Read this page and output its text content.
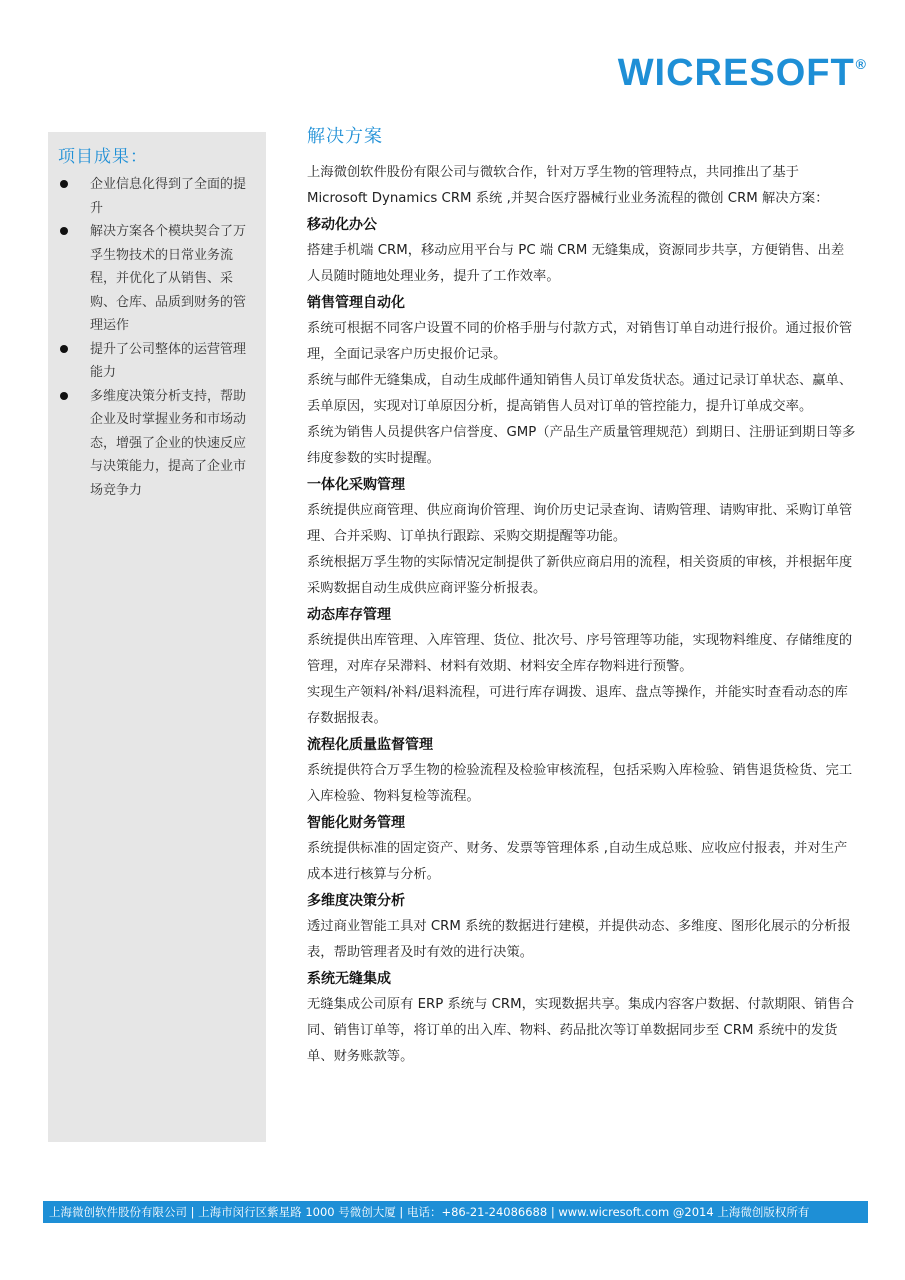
WICRESOFT®
项目成果：
企业信息化得到了全面的提升
解决方案各个模块契合了万孚生物技术的日常业务流程，并优化了从销售、采购、仓库、品质到财务的管理运作
提升了公司整体的运营管理能力
多维度决策分析支持，帮助企业及时掌握业务和市场动态，增强了企业的快速反应与决策能力，提高了企业市场竞争力
解决方案

上海微创软件股份有限公司与微软合作，针对万孚生物的管理特点，共同推出了基于 Microsoft Dynamics CRM 系统 ,并契合医疗器械行业业务流程的微创 CRM 解决方案：

移动化办公

搭建手机端 CRM，移动应用平台与 PC 端 CRM 无缝集成，资源同步共享，方便销售、出差人员随时随地处理业务，提升了工作效率。

销售管理自动化

系统可根据不同客户设置不同的价格手册与付款方式，对销售订单自动进行报价。通过报价管理，全面记录客户历史报价记录。

系统与邮件无缝集成，自动生成邮件通知销售人员订单发货状态。通过记录订单状态、赢单、丢单原因，实现对订单原因分析，提高销售人员对订单的管控能力，提升订单成交率。

系统为销售人员提供客户信誉度、GMP（产品生产质量管理规范）到期日、注册证到期日等多纬度参数的实时提醒。

一体化采购管理

系统提供应商管理、供应商询价管理、询价历史记录查询、请购管理、请购审批、采购订单管理、合并采购、订单执行跟踪、采购交期提醒等功能。

系统根据万孚生物的实际情况定制提供了新供应商启用的流程，相关资质的审核，并根据年度采购数据自动生成供应商评鉴分析报表。

动态库存管理

系统提供出库管理、入库管理、货位、批次号、序号管理等功能，实现物料维度、存储维度的管理，对库存呆滞料、材料有效期、材料安全库存物料进行预警。

实现生产领料/补料/退料流程，可进行库存调拨、退库、盘点等操作，并能实时查看动态的库存数据报表。

流程化质量监督管理

系统提供符合万孚生物的检验流程及检验审核流程，包括采购入库检验、销售退货检货、完工入库检验、物料复检等流程。

智能化财务管理

系统提供标准的固定资产、财务、发票等管理体系 ,自动生成总账、应收应付报表，并对生产成本进行核算与分析。

多维度决策分析

透过商业智能工具对 CRM 系统的数据进行建模，并提供动态、多维度、图形化展示的分析报表，帮助管理者及时有效的进行决策。

系统无缝集成

无缝集成公司原有 ERP 系统与 CRM，实现数据共享。集成内容客户数据、付款期限、销售合同、销售订单等，将订单的出入库、物料、药品批次等订单数据同步至 CRM 系统中的发货单、财务账款等。

上海微创软件股份有限公司 | 上海市闵行区紫星路 1000 号微创大厦 | 电话：+86-21-24086688 | www.wicresoft.com @2014 上海微创版权所有
